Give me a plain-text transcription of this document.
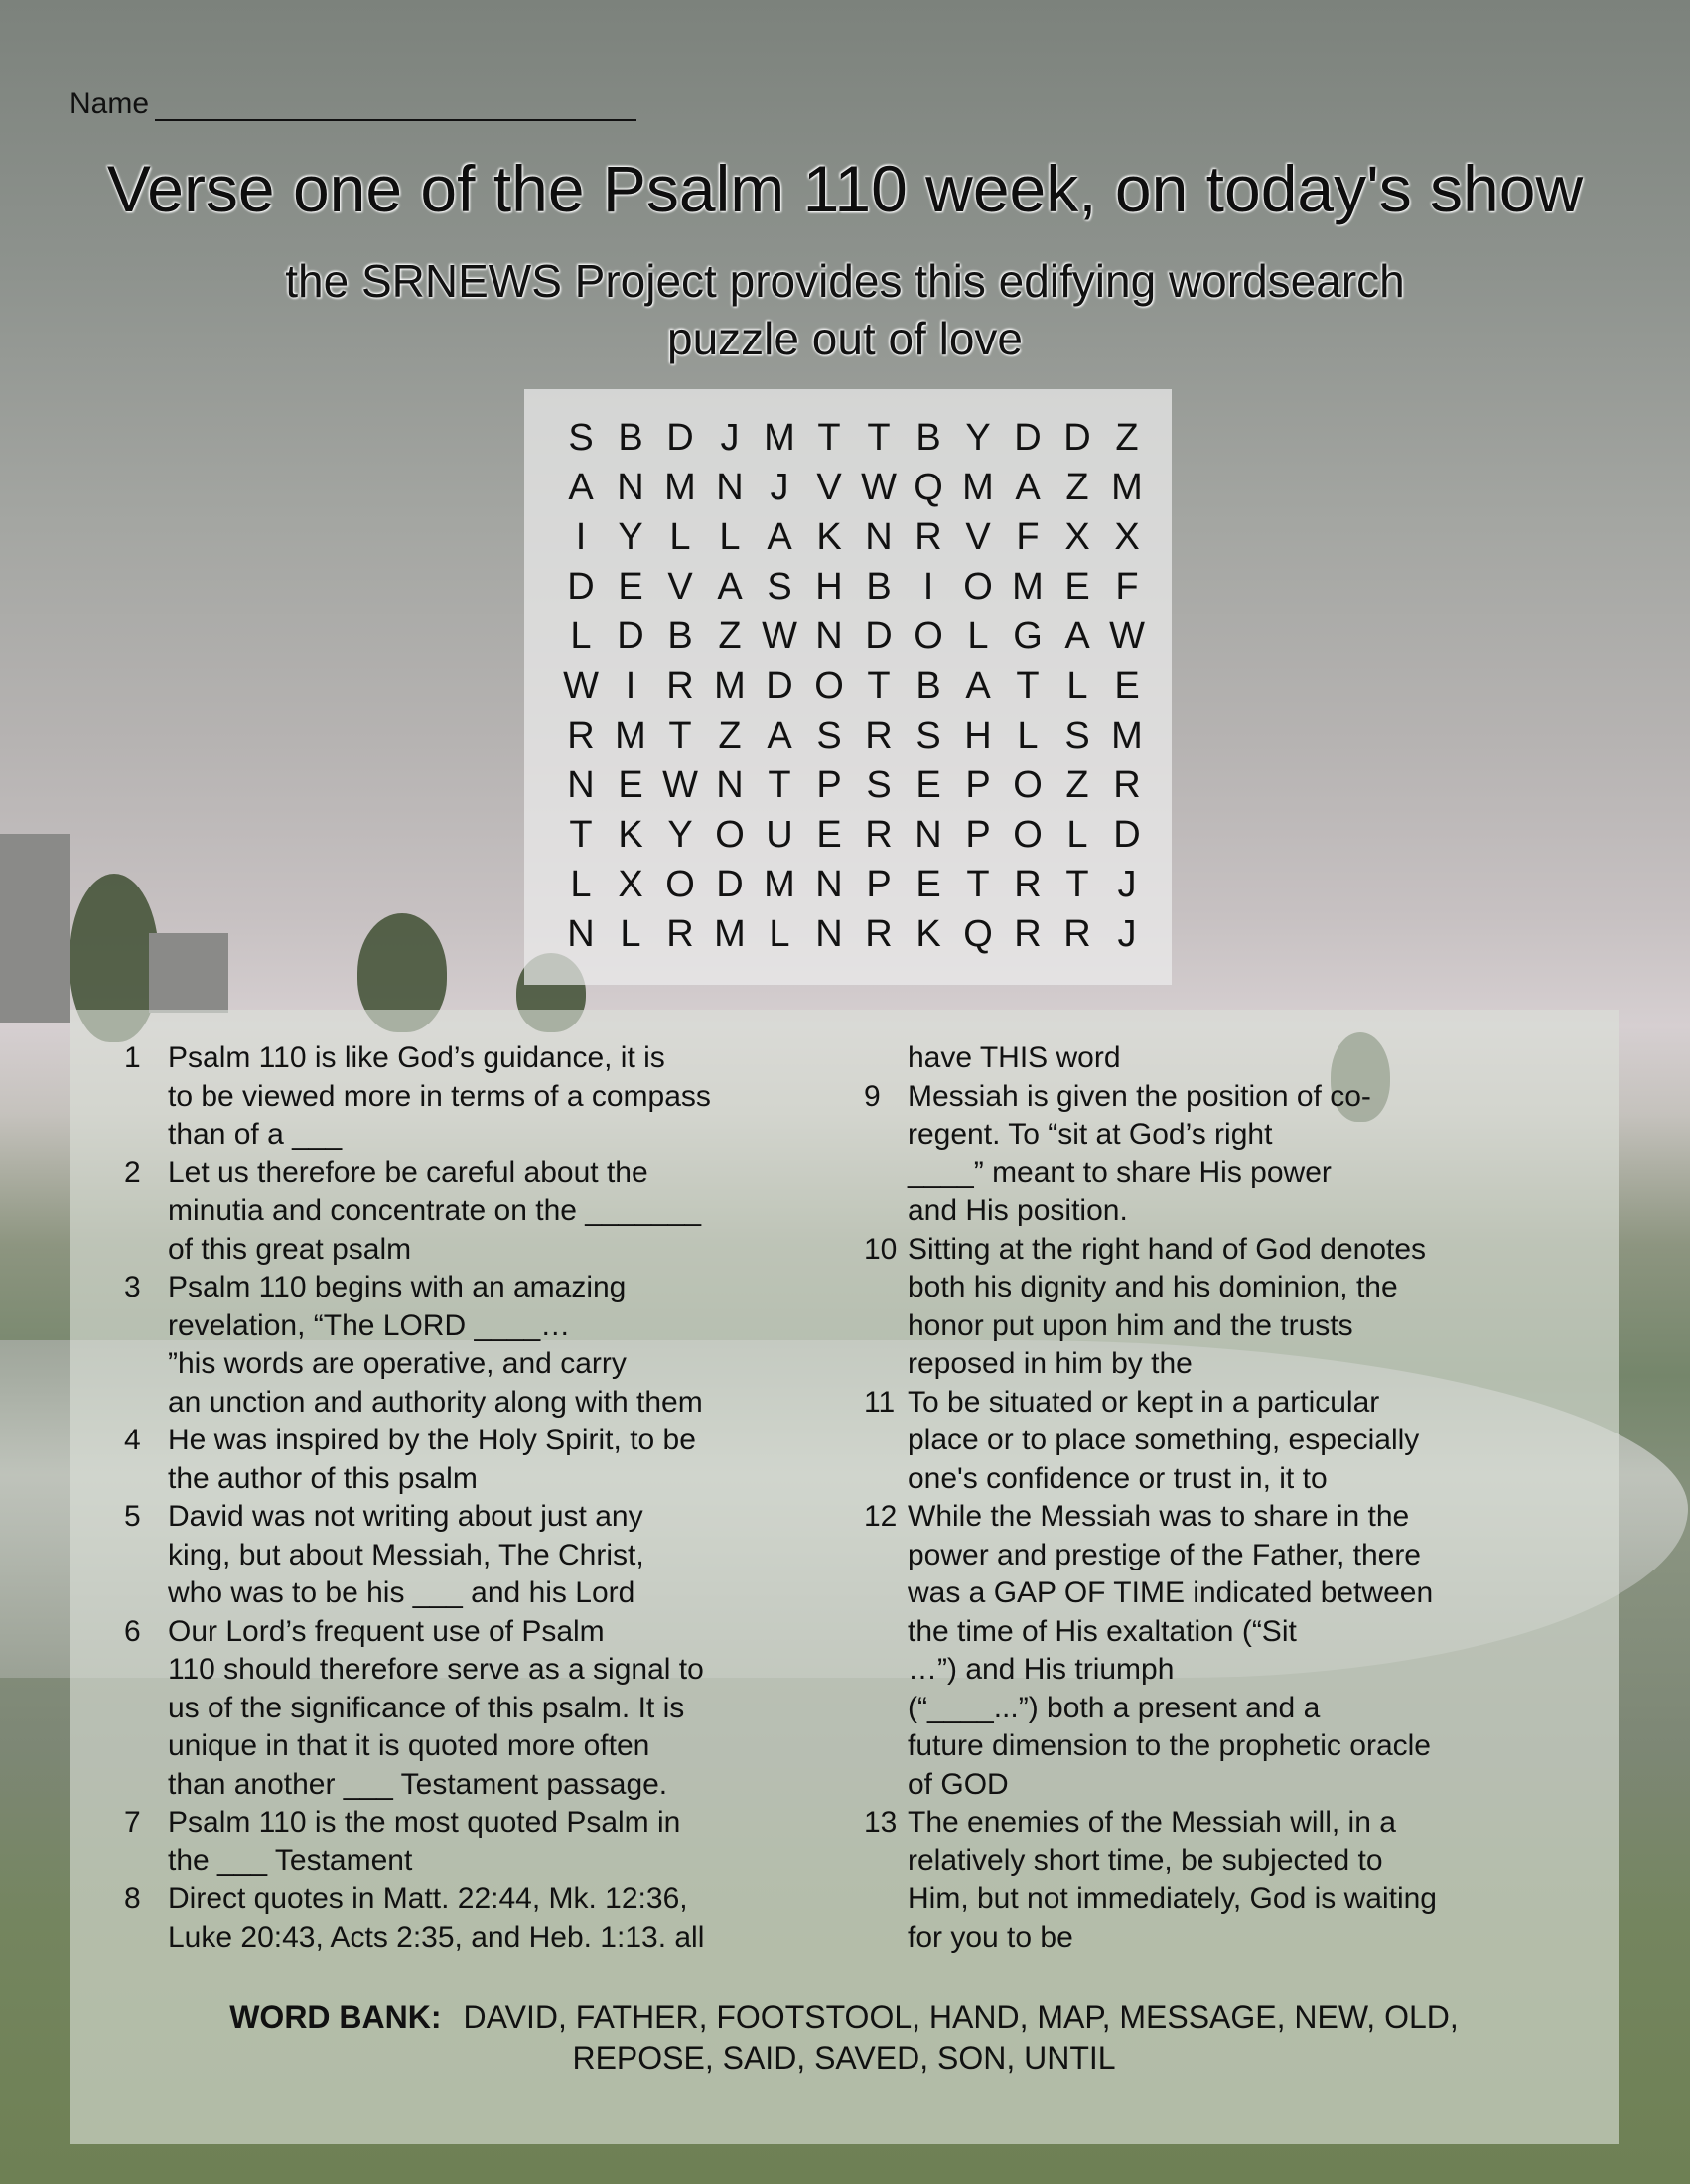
Name
Verse one of the Psalm 110 week, on today's show
the SRNEWS Project provides this edifying wordsearch
puzzle out of love
S B D J M T T B Y D D Z
A N M N J V W Q M A Z M
I Y L L A K N R V F X X
D E V A S H B I O M E F
L D B Z W N D O L G A W
W I R M D O T B A T L E
R M T Z A S R S H L S M
N E W N T P S E P O Z R
T K Y O U E R N P O L D
L X O D M N P E T R T J
N L R M L N R K Q R R J
1 Psalm 110 is like God’s guidance, it is
to be viewed more in terms of a compass
than of a ___
2 Let us therefore be careful about the
minutia and concentrate on the _______
of this great psalm
3 Psalm 110 begins with an amazing
revelation, “The LORD ____…
”his words are operative, and carry
an unction and authority along with them
4 He was inspired by the Holy Spirit, to be
the author of this psalm
5 David was not writing about just any
king, but about Messiah, The Christ,
who was to be his ___ and his Lord
6 Our Lord’s frequent use of Psalm
110 should therefore serve as a signal to
us of the significance of this psalm. It is
unique in that it is quoted more often
than another ___ Testament passage.
7 Psalm 110 is the most quoted Psalm in
the ___ Testament
8 Direct quotes in Matt. 22:44, Mk. 12:36,
Luke 20:43, Acts 2:35, and Heb. 1:13. all
have THIS word
9 Messiah is given the position of co-
regent. To “sit at God’s right
____” meant to share His power
and His position.
10 Sitting at the right hand of God denotes
both his dignity and his dominion, the
honor put upon him and the trusts
reposed in him by the
11 To be situated or kept in a particular
place or to place something, especially
one's confidence or trust in, it to
12 While the Messiah was to share in the
power and prestige of the Father, there
was a GAP OF TIME indicated between
the time of His exaltation (“Sit
…”) and His triumph
(“____...”) both a present and a
future dimension to the prophetic oracle
of GOD
13 The enemies of the Messiah will, in a
relatively short time, be subjected to
Him, but not immediately, God is waiting
for you to be
WORD BANK: DAVID, FATHER, FOOTSTOOL, HAND, MAP, MESSAGE, NEW, OLD,
REPOSE, SAID, SAVED, SON, UNTIL
